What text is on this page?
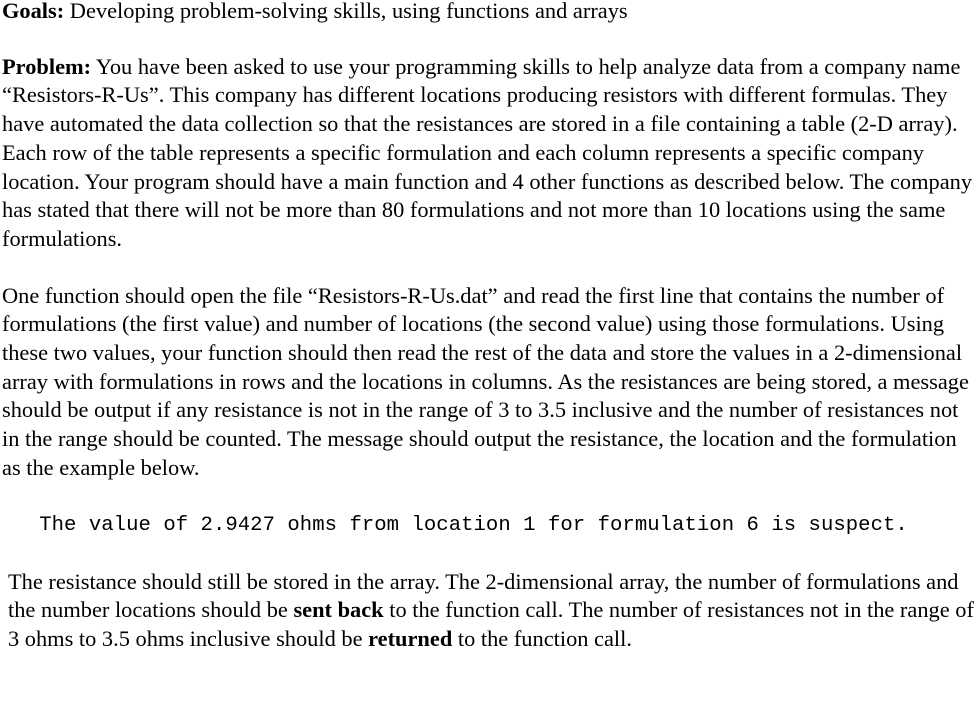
Goals: Developing problem-solving skills, using functions and arrays

Problem: You have been asked to use your programming skills to help analyze data from a company name “Resistors-R-Us”. This company has different locations producing resistors with different formulas. They have automated the data collection so that the resistances are stored in a file containing a table (2-D array). Each row of the table represents a specific formulation and each column represents a specific company location. Your program should have a main function and 4 other functions as described below. The company has stated that there will not be more than 80 formulations and not more than 10 locations using the same formulations.

One function should open the file “Resistors-R-Us.dat” and read the first line that contains the number of formulations (the first value) and number of locations (the second value) using those formulations. Using these two values, your function should then read the rest of the data and store the values in a 2-dimensional array with formulations in rows and the locations in columns. As the resistances are being stored, a message should be output if any resistance is not in the range of 3 to 3.5 inclusive and the number of resistances not in the range should be counted. The message should output the resistance, the location and the formulation as the example below.

The value of 2.9427 ohms from location 1 for formulation 6 is suspect.

The resistance should still be stored in the array. The 2-dimensional array, the number of formulations and the number locations should be sent back to the function call. The number of resistances not in the range of 3 ohms to 3.5 ohms inclusive should be returned to the function call.
